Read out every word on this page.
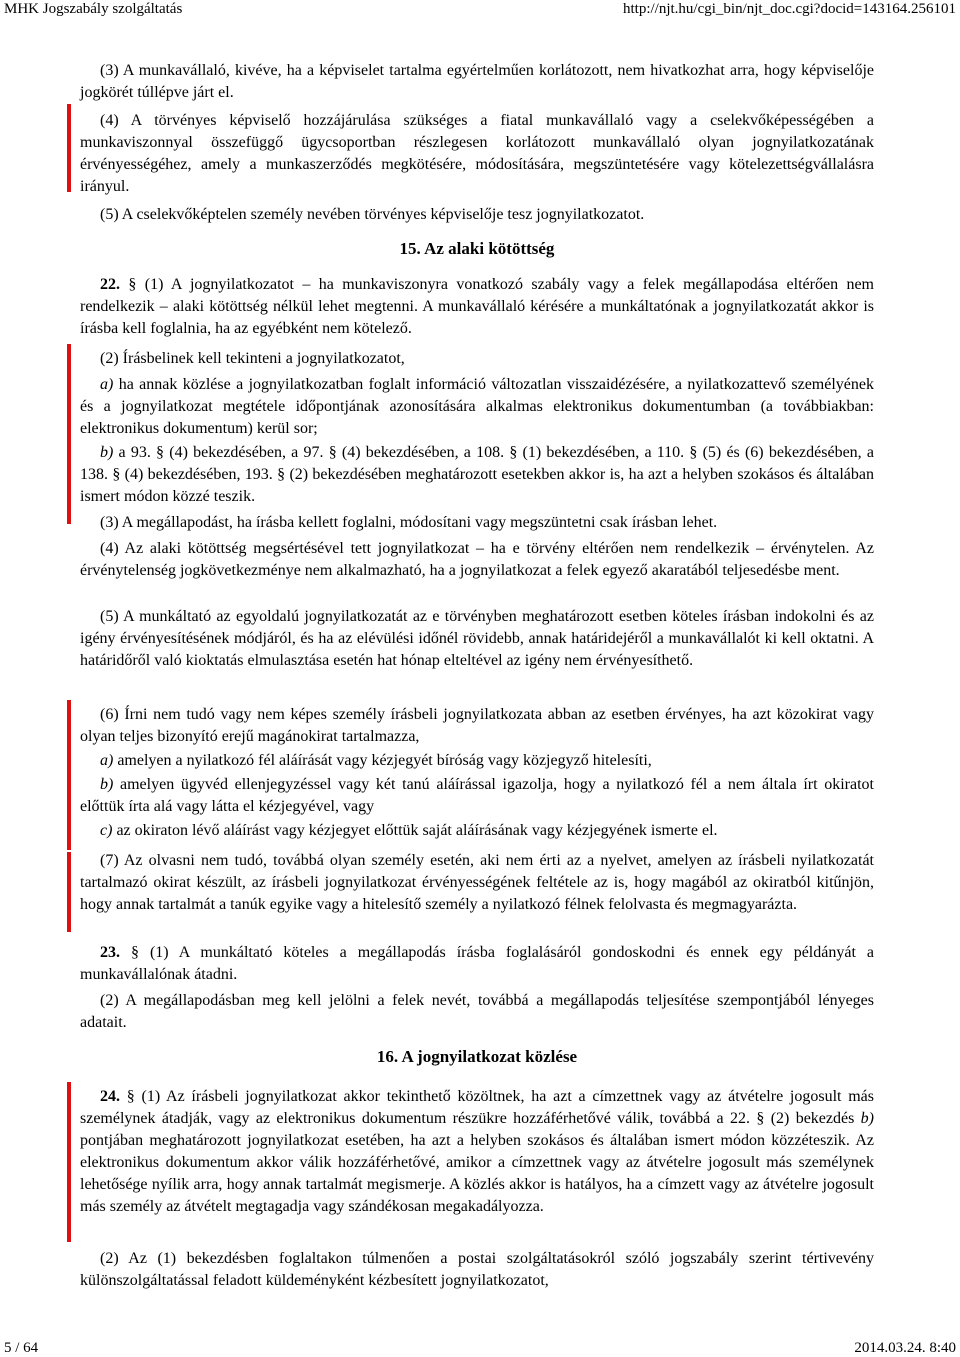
MHK Jogszabály szolgáltatás	http://njt.hu/cgi_bin/njt_doc.cgi?docid=143164.256101

(3) A munkavállaló, kivéve, ha a képviselet tartalma egyértelműen korlátozott, nem hivatkozhat arra, hogy képviselője jogkörét túllépve járt el.

(4) A törvényes képviselő hozzájárulása szükséges a fiatal munkavállaló vagy a cselekvőképességében a munkaviszonnyal összefüggő ügycsoportban részlegesen korlátozott munkavállaló olyan jognyilatkozatának érvényességéhez, amely a munkaszerződés megkötésére, módosítására, megszüntetésére vagy kötelezettségvállalásra irányul.

(5) A cselekvőképtelen személy nevében törvényes képviselője tesz jognyilatkozatot.

15. Az alaki kötöttség

22. § (1) A jognyilatkozatot – ha munkaviszonyra vonatkozó szabály vagy a felek megállapodása eltérően nem rendelkezik – alaki kötöttség nélkül lehet megtenni. A munkavállaló kérésére a munkáltatónak a jognyilatkozatát akkor is írásba kell foglalnia, ha az egyébként nem kötelező.

(2) Írásbelinek kell tekinteni a jognyilatkozatot,

a) ha annak közlése a jognyilatkozatban foglalt információ változatlan visszaidézésére, a nyilatkozattevő személyének és a jognyilatkozat megtétele időpontjának azonosítására alkalmas elektronikus dokumentumban (a továbbiakban: elektronikus dokumentum) kerül sor;

b) a 93. § (4) bekezdésében, a 97. § (4) bekezdésében, a 108. § (1) bekezdésében, a 110. § (5) és (6) bekezdésében, a 138. § (4) bekezdésében, 193. § (2) bekezdésében meghatározott esetekben akkor is, ha azt a helyben szokásos és általában ismert módon közzé teszik.

(3) A megállapodást, ha írásba kellett foglalni, módosítani vagy megszüntetni csak írásban lehet.

(4) Az alaki kötöttség megsértésével tett jognyilatkozat – ha e törvény eltérően nem rendelkezik – érvénytelen. Az érvénytelenség jogkövetkezménye nem alkalmazható, ha a jognyilatkozat a felek egyező akaratából teljesedésbe ment.

(5) A munkáltató az egyoldalú jognyilatkozatát az e törvényben meghatározott esetben köteles írásban indokolni és az igény érvényesítésének módjáról, és ha az elévülési időnél rövidebb, annak határidejéről a munkavállalót ki kell oktatni. A határidőről való kioktatás elmulasztása esetén hat hónap elteltével az igény nem érvényesíthető.

(6) Írni nem tudó vagy nem képes személy írásbeli jognyilatkozata abban az esetben érvényes, ha azt közokirat vagy olyan teljes bizonyító erejű magánokirat tartalmazza,

a) amelyen a nyilatkozó fél aláírását vagy kézjegyét bíróság vagy közjegyző hitelesíti,

b) amelyen ügyvéd ellenjegyzéssel vagy két tanú aláírással igazolja, hogy a nyilatkozó fél a nem általa írt okiratot előttük írta alá vagy látta el kézjegyével, vagy

c) az okiraton lévő aláírást vagy kézjegyet előttük saját aláírásának vagy kézjegyének ismerte el.

(7) Az olvasni nem tudó, továbbá olyan személy esetén, aki nem érti az a nyelvet, amelyen az írásbeli nyilatkozatát tartalmazó okirat készült, az írásbeli jognyilatkozat érvényességének feltétele az is, hogy magából az okiratból kitűnjön, hogy annak tartalmát a tanúk egyike vagy a hitelesítő személy a nyilatkozó félnek felolvasta és megmagyarázta.

23. § (1) A munkáltató köteles a megállapodás írásba foglalásáról gondoskodni és ennek egy példányát a munkavállalónak átadni.

(2) A megállapodásban meg kell jelölni a felek nevét, továbbá a megállapodás teljesítése szempontjából lényeges adatait.

16. A jognyilatkozat közlése

24. § (1) Az írásbeli jognyilatkozat akkor tekinthető közöltnek, ha azt a címzettnek vagy az átvételre jogosult más személynek átadják, vagy az elektronikus dokumentum részükre hozzáférhetővé válik, továbbá a 22. § (2) bekezdés b) pontjában meghatározott jognyilatkozat esetében, ha azt a helyben szokásos és általában ismert módon közzéteszik. Az elektronikus dokumentum akkor válik hozzáférhetővé, amikor a címzettnek vagy az átvételre jogosult más személynek lehetősége nyílik arra, hogy annak tartalmát megismerje. A közlés akkor is hatályos, ha a címzett vagy az átvételre jogosult más személy az átvételt megtagadja vagy szándékosan megakadályozza.

(2) Az (1) bekezdésben foglaltakon túlmenően a postai szolgáltatásokról szóló jogszabály szerint tértivevény különszolgáltatással feladott küldeményként kézbesített jognyilatkozatot,

5 / 64	2014.03.24. 8:40
